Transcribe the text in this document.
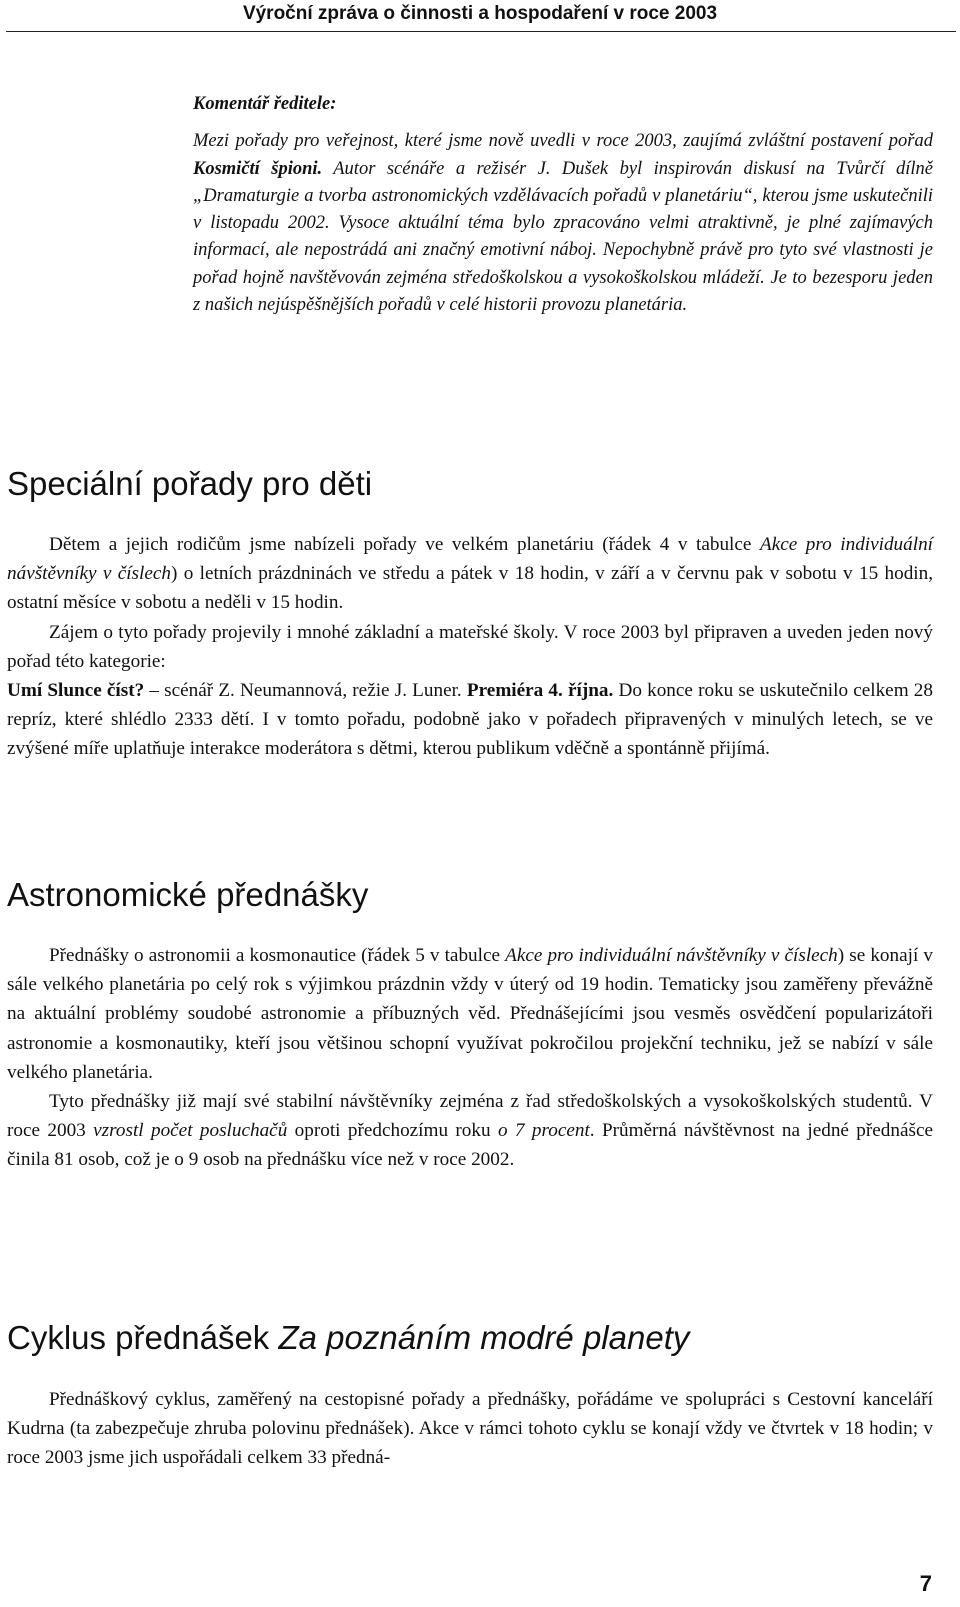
Výroční zpráva o činnosti a hospodaření v roce 2003

Komentář ředitele:

Mezi pořady pro veřejnost, které jsme nově uvedli v roce 2003, zaujímá zvláštní postavení pořad Kosmičtí špioni. Autor scénáře a režisér J. Dušek byl inspirován diskusí na Tvůrčí dílně „Dramaturgie a tvorba astronomických vzdělávacích pořadů v planetáriu“, kterou jsme uskutečnili v listopadu 2002. Vysoce aktuální téma bylo zpracováno velmi atraktivně, je plné zajímavých informací, ale nepostrádá ani značný emotivní náboj. Nepochybně právě pro tyto své vlastnosti je pořad hojně navštěvován zejména středoškolskou a vysokoškolskou mládeží. Je to bezesporu jeden z našich nejúspěšnějších pořadů v celé historii provozu planetária.

Speciální pořady pro děti

Dětem a jejich rodičům jsme nabízeli pořady ve velkém planetáriu (řádek 4 v tabulce Akce pro individuální návštěvníky v číslech) o letních prázdninách ve středu a pátek v 18 hodin, v září a v červnu pak v sobotu v 15 hodin, ostatní měsíce v sobotu a neděli v 15 hodin.

Zájem o tyto pořady projevily i mnohé základní a mateřské školy. V roce 2003 byl připraven a uveden jeden nový pořad této kategorie:

Umí Slunce číst? – scénář Z. Neumannová, režie J. Luner. Premiéra 4. října. Do konce roku se uskutečnilo celkem 28 repríz, které shlédlo 2333 dětí. I v tomto pořadu, podobně jako v pořadech připravených v minulých letech, se ve zvýšené míře uplatňuje interakce moderátora s dětmi, kterou publikum vděčně a spontánně přijímá.

Astronomické přednášky

Přednášky o astronomii a kosmonautice (řádek 5 v tabulce Akce pro individuální návštěvníky v číslech) se konají v sále velkého planetária po celý rok s výjimkou prázdnin vždy v úterý od 19 hodin. Tematicky jsou zaměřeny převážně na aktuální problémy soudobé astronomie a příbuzných věd. Přednášejícími jsou vesměs osvědčení popularizátoři astronomie a kosmonautiky, kteří jsou většinou schopní využívat pokročilou projekční techniku, jež se nabízí v sále velkého planetária.

Tyto přednášky již mají své stabilní návštěvníky zejména z řad středoškolských a vysokoškolských studentů. V roce 2003 vzrostl počet posluchačů oproti předchozímu roku o 7 procent. Průměrná návštěvnost na jedné přednášce činila 81 osob, což je o 9 osob na přednášku více než v roce 2002.

Cyklus přednášek Za poznáním modré planety

Přednáškový cyklus, zaměřený na cestopisné pořady a přednášky, pořádáme ve spolupráci s Cestovní kanceláří Kudrna (ta zabezpečuje zhruba polovinu přednášek). Akce v rámci tohoto cyklu se konají vždy ve čtvrtek v 18 hodin; v roce 2003 jsme jich uspořádali celkem 33 předná-

7
